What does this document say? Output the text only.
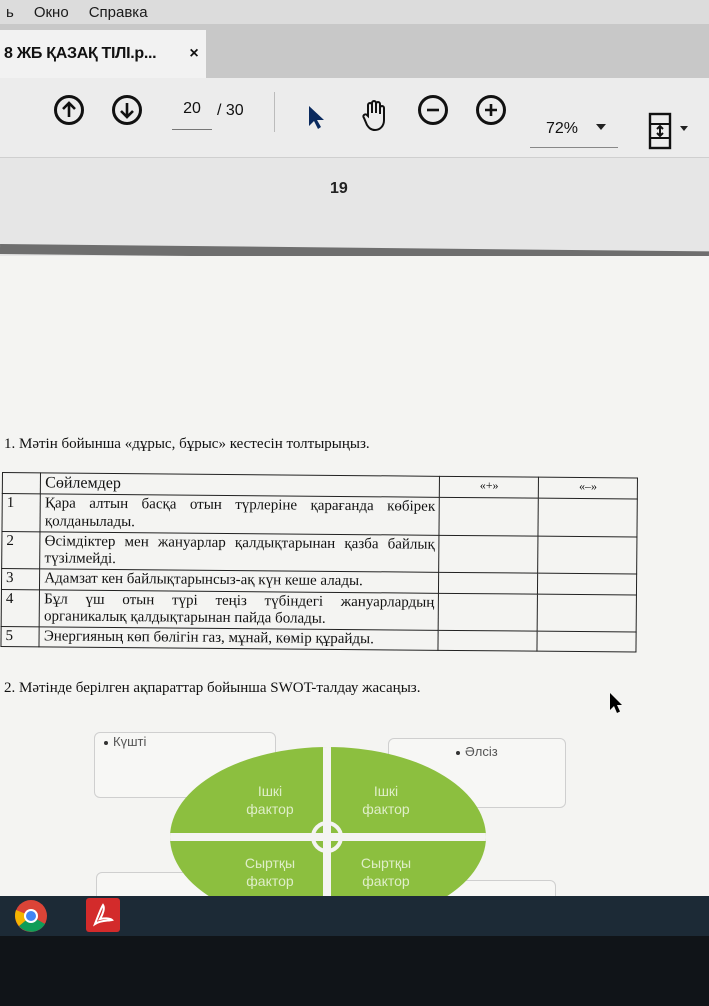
ь Окно Справка
8 ЖБ ҚАЗАҚ ТІЛІ.р...	×
20	/ 30
72%
19
1. Мәтін бойынша «дұрыс, бұрыс» кестесін толтырыңыз.
	Сөйлемдер	«+»	«–»
1	Қара алтын басқа отын түрлеріне қарағанда көбірек қолданылады.		
2	Өсімдіктер мен жануарлар қалдықтарынан қазба байлық түзілмейді.		
3	Адамзат кен байлықтарынсыз-ақ күн кеше алады.		
4	Бұл үш отын түрі теңіз түбіндегі жануарлардың органикалық қалдықтарынан пайда болады.		
5	Энергияның көп бөлігін газ, мұнай, көмір құрайды.		
2. Мәтінде берілген ақпараттар бойынша SWOT-талдау жасаңыз.
Күшті
Әлсіз
Ішкі
фактор
Ішкі
фактор
Сыртқы
фактор
Сыртқы
фактор
